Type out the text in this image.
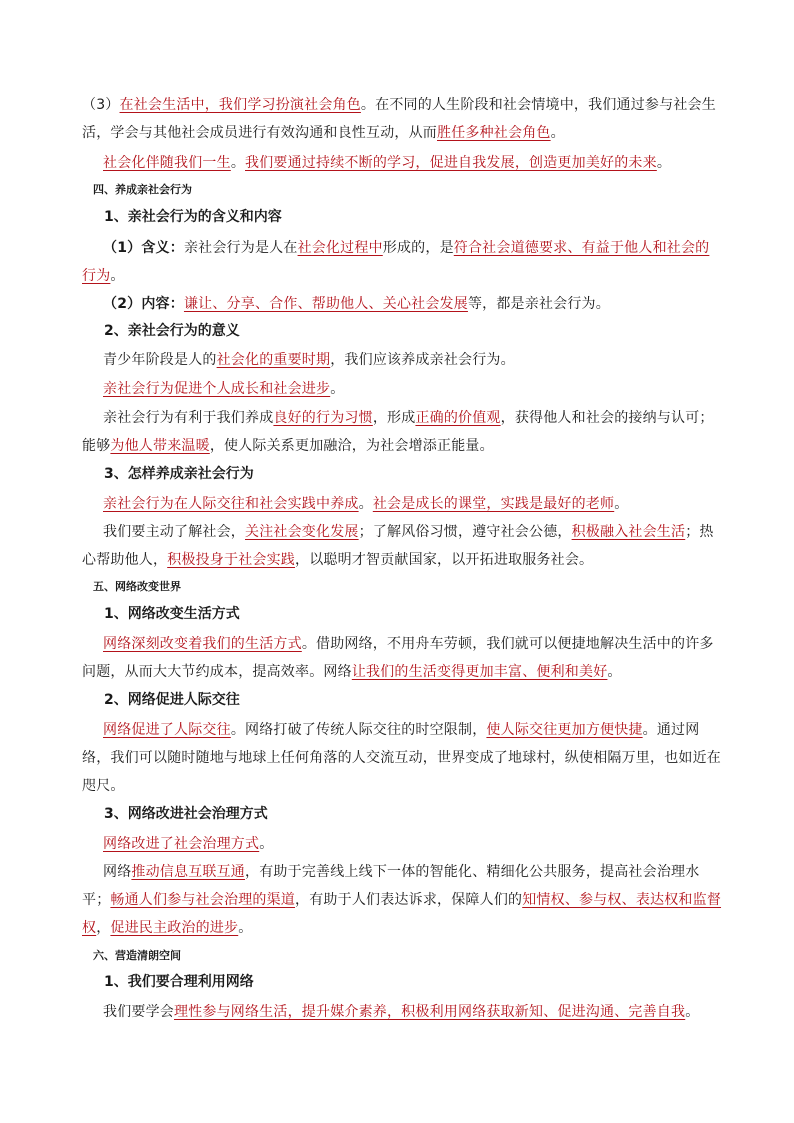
（3）在社会生活中，我们学习扮演社会角色。在不同的人生阶段和社会情境中，我们通过参与社会生活，学会与其他社会成员进行有效沟通和良性互动，从而胜任多种社会角色。

社会化伴随我们一生。我们要通过持续不断的学习，促进自我发展，创造更加美好的未来。

四、养成亲社会行为

1、亲社会行为的含义和内容

（1）含义：亲社会行为是人在社会化过程中形成的，是符合社会道德要求、有益于他人和社会的行为。

（2）内容：谦让、分享、合作、帮助他人、关心社会发展等，都是亲社会行为。

2、亲社会行为的意义

青少年阶段是人的社会化的重要时期，我们应该养成亲社会行为。

亲社会行为促进个人成长和社会进步。

亲社会行为有利于我们养成良好的行为习惯，形成正确的价值观，获得他人和社会的接纳与认可；能够为他人带来温暖，使人际关系更加融洽，为社会增添正能量。

3、怎样养成亲社会行为

亲社会行为在人际交往和社会实践中养成。社会是成长的课堂，实践是最好的老师。

我们要主动了解社会，关注社会变化发展；了解风俗习惯，遵守社会公德，积极融入社会生活；热心帮助他人，积极投身于社会实践，以聪明才智贡献国家，以开拓进取服务社会。

五、网络改变世界

1、网络改变生活方式

网络深刻改变着我们的生活方式。借助网络，不用舟车劳顿，我们就可以便捷地解决生活中的许多问题，从而大大节约成本，提高效率。网络让我们的生活变得更加丰富、便利和美好。

2、网络促进人际交往

网络促进了人际交往。网络打破了传统人际交往的时空限制，使人际交往更加方便快捷。通过网络，我们可以随时随地与地球上任何角落的人交流互动，世界变成了地球村，纵使相隔万里，也如近在咫尺。

3、网络改进社会治理方式

网络改进了社会治理方式。

网络推动信息互联互通，有助于完善线上线下一体的智能化、精细化公共服务，提高社会治理水平；畅通人们参与社会治理的渠道，有助于人们表达诉求，保障人们的知情权、参与权、表达权和监督权，促进民主政治的进步。

六、营造清朗空间

1、我们要合理利用网络

我们要学会理性参与网络生活，提升媒介素养，积极利用网络获取新知、促进沟通、完善自我。
